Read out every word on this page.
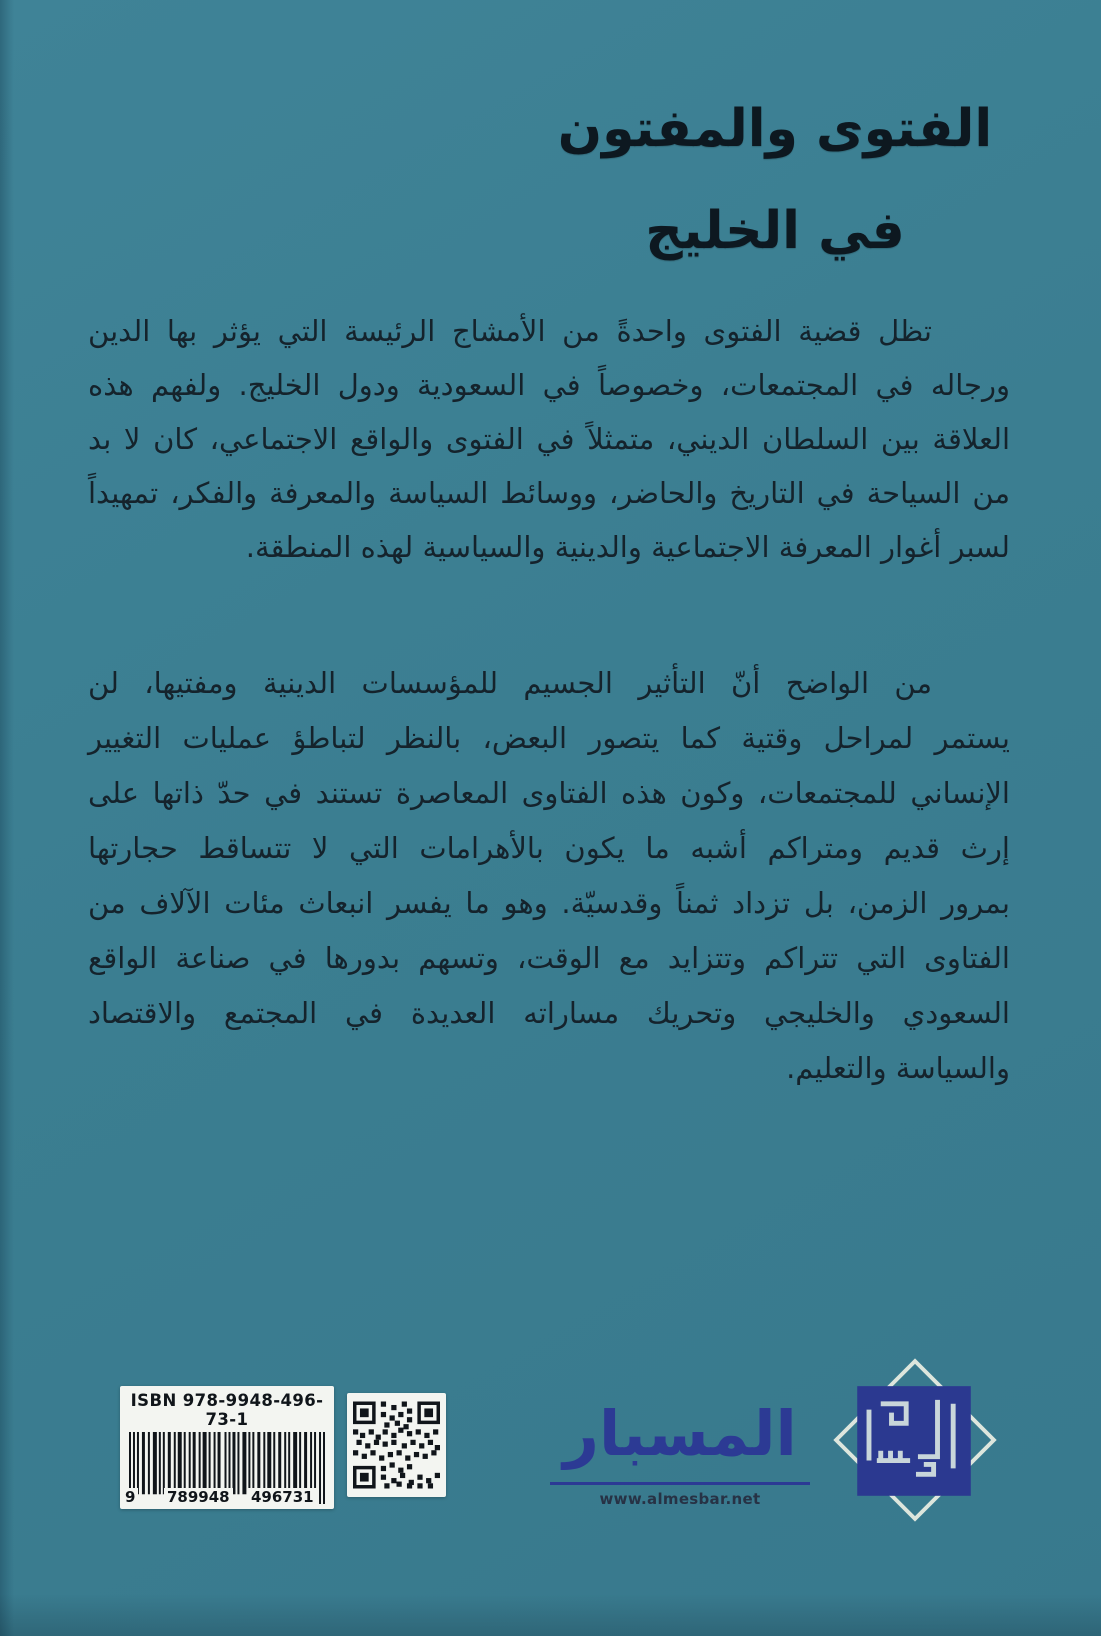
الفتوى والمفتون
في الخليج
تظل قضية الفتوى واحدةً من الأمشاج الرئيسة التي يؤثر بها الدين
ورجاله في المجتمعات، وخصوصاً في السعودية ودول الخليج. ولفهم هذه
العلاقة بين السلطان الديني، متمثلاً في الفتوى والواقع الاجتماعي، كان لا بد
من السياحة في التاريخ والحاضر، ووسائط السياسة والمعرفة والفكر، تمهيداً
لسبر أغوار المعرفة الاجتماعية والدينية والسياسية لهذه المنطقة.
من الواضح أنّ التأثير الجسيم للمؤسسات الدينية ومفتيها، لن
يستمر لمراحل وقتية كما يتصور البعض، بالنظر لتباطؤ عمليات التغيير
الإنساني للمجتمعات، وكون هذه الفتاوى المعاصرة تستند في حدّ ذاتها على
إرث قديم ومتراكم أشبه ما يكون بالأهرامات التي لا تتساقط حجارتها
بمرور الزمن، بل تزداد ثمناً وقدسيّة. وهو ما يفسر انبعاث مئات الآلاف من
الفتاوى التي تتراكم وتتزايد مع الوقت، وتسهم بدورها في صناعة الواقع
السعودي والخليجي وتحريك مساراته العديدة في المجتمع والاقتصاد
والسياسة والتعليم.
ISBN 978-9948-496-73-1
9 789948 496731
المسبار
www.almesbar.net
